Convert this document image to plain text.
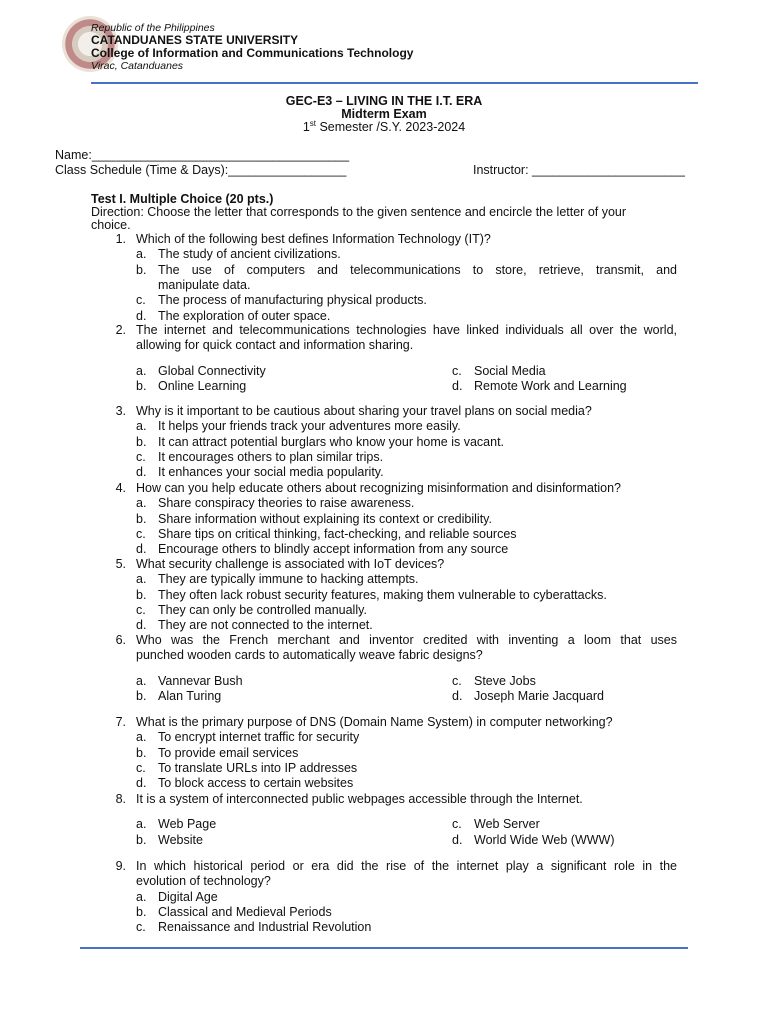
Republic of the Philippines
CATANDUANES STATE UNIVERSITY
College of Information and Communications Technology
Virac, Catanduanes
GEC-E3 – LIVING IN THE I.T. ERA
Midterm Exam
1st Semester /S.Y. 2023-2024
Name:_____________________________________
Class Schedule (Time & Days):_________________	Instructor: ______________________
Test I. Multiple Choice (20 pts.)
Direction: Choose the letter that corresponds to the given sentence and encircle the letter of your
choice.
1. Which of the following best defines Information Technology (IT)?
a. The study of ancient civilizations.
b. The use of computers and telecommunications to store, retrieve, transmit, and
manipulate data.
c. The process of manufacturing physical products.
d. The exploration of outer space.
2. The internet and telecommunications technologies have linked individuals all over the world,
allowing for quick contact and information sharing.
a. Global Connectivity	c. Social Media
b. Online Learning	d. Remote Work and Learning
3. Why is it important to be cautious about sharing your travel plans on social media?
a. It helps your friends track your adventures more easily.
b. It can attract potential burglars who know your home is vacant.
c. It encourages others to plan similar trips.
d. It enhances your social media popularity.
4. How can you help educate others about recognizing misinformation and disinformation?
a. Share conspiracy theories to raise awareness.
b. Share information without explaining its context or credibility.
c. Share tips on critical thinking, fact-checking, and reliable sources
d. Encourage others to blindly accept information from any source
5. What security challenge is associated with IoT devices?
a. They are typically immune to hacking attempts.
b. They often lack robust security features, making them vulnerable to cyberattacks.
c. They can only be controlled manually.
d. They are not connected to the internet.
6. Who was the French merchant and inventor credited with inventing a loom that uses
punched wooden cards to automatically weave fabric designs?
a. Vannevar Bush	c. Steve Jobs
b. Alan Turing	d. Joseph Marie Jacquard
7. What is the primary purpose of DNS (Domain Name System) in computer networking?
a. To encrypt internet traffic for security
b. To provide email services
c. To translate URLs into IP addresses
d. To block access to certain websites
8. It is a system of interconnected public webpages accessible through the Internet.
a. Web Page	c. Web Server
b. Website	d. World Wide Web (WWW)
9. In which historical period or era did the rise of the internet play a significant role in the
evolution of technology?
a. Digital Age
b. Classical and Medieval Periods
c. Renaissance and Industrial Revolution
